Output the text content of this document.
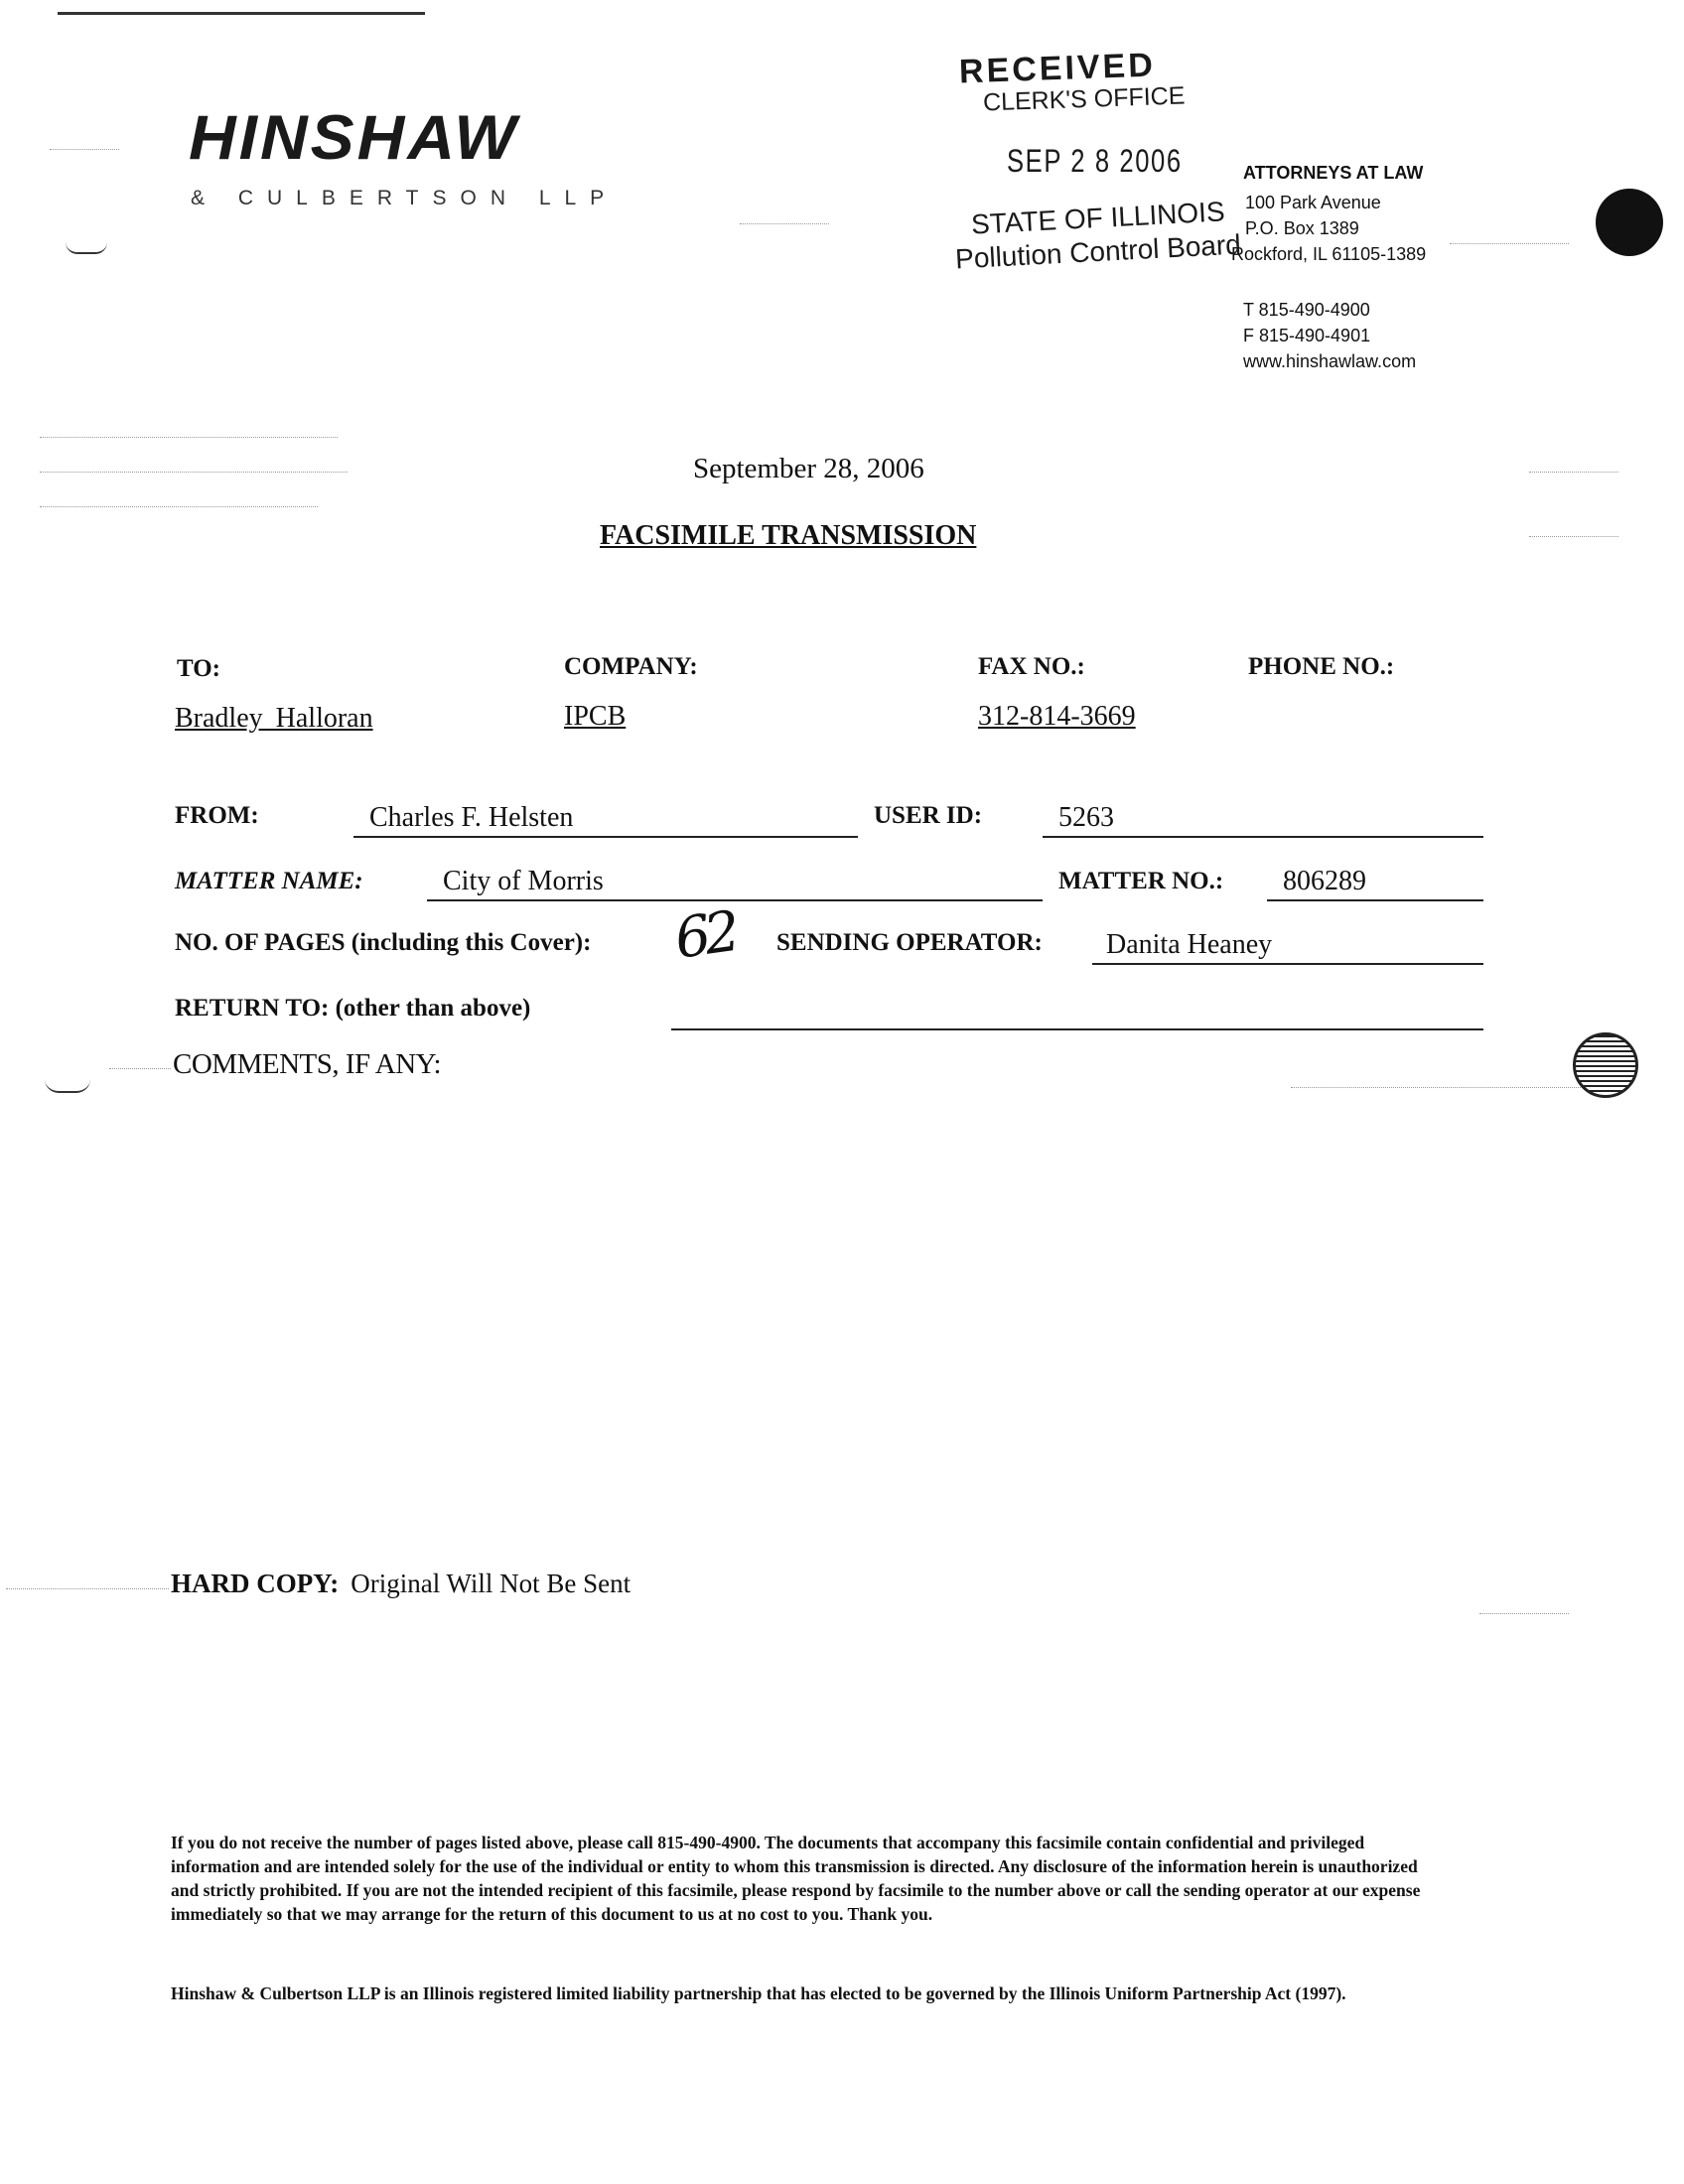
HINSHAW
& CULBERTSON LLP
ATTORNEYS AT LAW
100 Park Avenue
P.O. Box 1389
Rockford, IL 61105-1389
T 815-490-4900
F 815-490-4901
www.hinshawlaw.com
RECEIVED
CLERK'S OFFICE
SEP 2 8 2006
STATE OF ILLINOIS
Pollution Control Board
September 28, 2006
FACSIMILE TRANSMISSION
TO:	COMPANY:	FAX NO.:	PHONE NO.:
Bradley Halloran	IPCB	312-814-3669
FROM:	Charles F. Helsten	USER ID:	5263
MATTER NAME:	City of Morris	MATTER NO.: 806289
NO. OF PAGES (including this Cover): 62 SENDING OPERATOR: Danita Heaney
RETURN TO: (other than above)
COMMENTS, IF ANY:
HARD COPY: Original Will Not Be Sent
If you do not receive the number of pages listed above, please call 815-490-4900. The documents that accompany this facsimile contain confidential and privileged information and are intended solely for the use of the individual or entity to whom this transmission is directed. Any disclosure of the information herein is unauthorized and strictly prohibited. If you are not the intended recipient of this facsimile, please respond by facsimile to the number above or call the sending operator at our expense immediately so that we may arrange for the return of this document to us at no cost to you. Thank you.
Hinshaw & Culbertson LLP is an Illinois registered limited liability partnership that has elected to be governed by the Illinois Uniform Partnership Act (1997).
